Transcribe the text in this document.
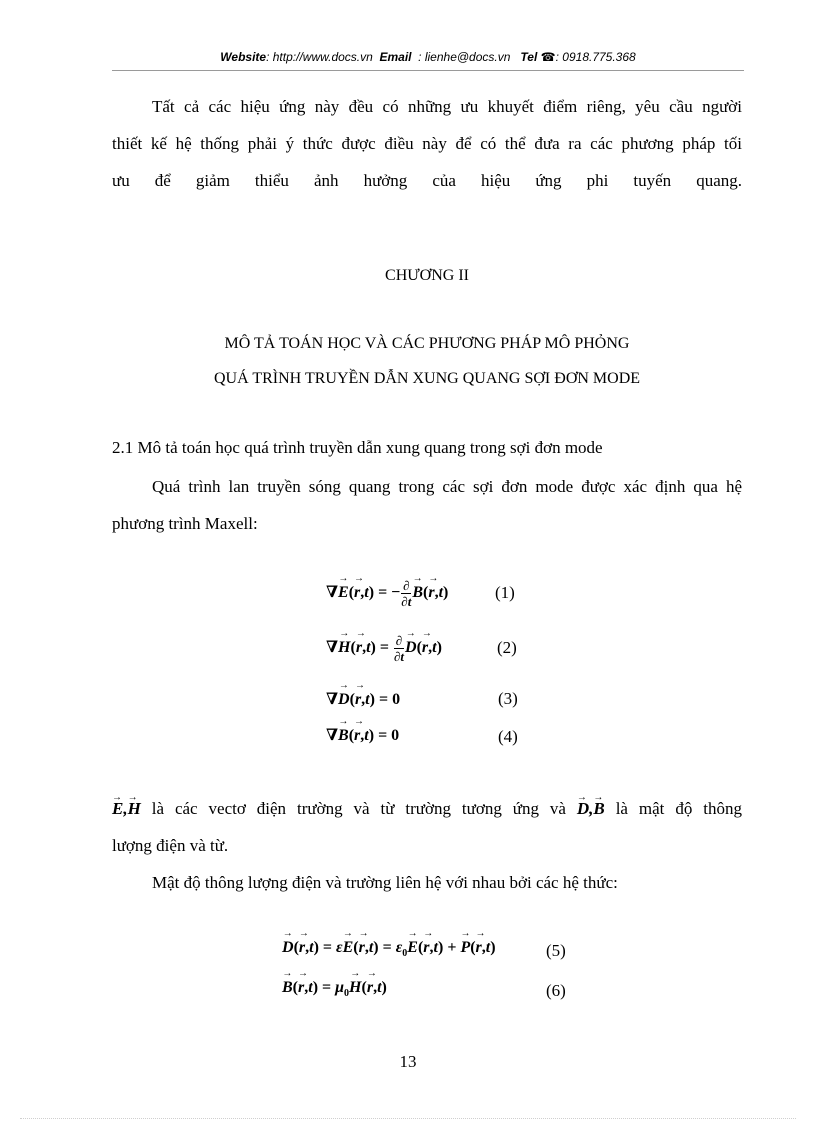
Website: http://www.docs.vn Email : lienhe@docs.vn Tel ☎: 0918.775.368
Tất cả các hiệu ứng này đều có những ưu khuyết điểm riêng, yêu cầu người
thiết kế hệ thống phải ý thức được điều này để có thể đưa ra các phương pháp tối
ưu để giảm thiểu ảnh hưởng của hiệu ứng phi tuyến quang.
CHƯƠNG II
MÔ TẢ TOÁN HỌC VÀ CÁC PHƯƠNG PHÁP MÔ PHỎNG
QUÁ TRÌNH TRUYỀN DẪN XUNG QUANG SỢI ĐƠN MODE
2.1 Mô tả toán học quá trình truyền dẫn xung quang trong sợi đơn mode
Quá trình lan truyền sóng quang trong các sợi đơn mode được xác định qua hệ
phương trình Maxell:
∇→ E(→ r,t) = − $\frac{\partial}{\partial t}$
→ B(→ r,t)	(1)
∇→ $H(\to r,t) = \frac{\partial}{\partial t}$
→ D(→ r,t)	(2)
∇→ D(→ r,t) = 0	(3)
∇→ B(→ r,t) = 0	(4)
→ E,→ H là các vectơ điện trường và từ trường tương ứng và → D,→ B là mật độ thông
lượng điện và từ.
Mật độ thông lượng điện và trường liên hệ với nhau bởi các hệ thức:
→ $D(\to r,t) = \varepsilon\to E(\to r,t) = \varepsilon_0\to E(\to r,t)$ + → P(→ r,t)	(5)
→ $B(\to r,t) = \mu_0\to H(\to r,t)$	(6)
13
